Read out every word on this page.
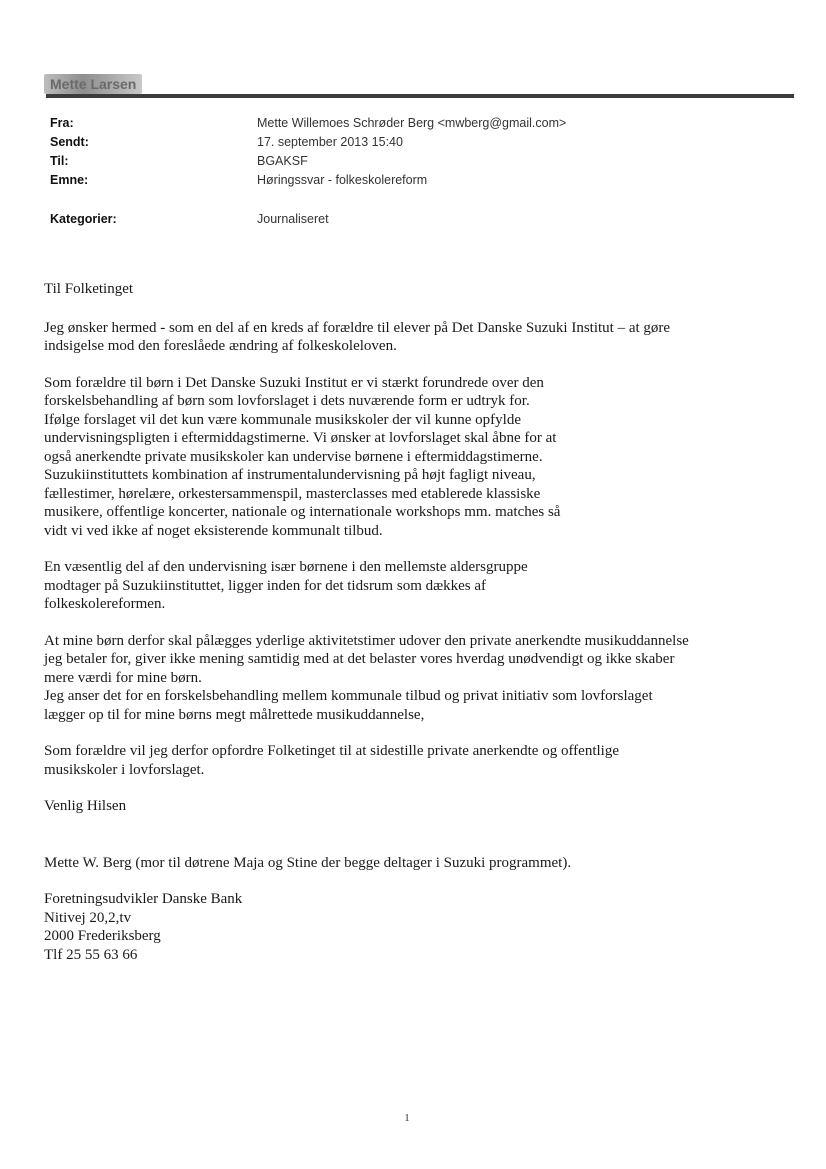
Mette Larsen
Fra:	Mette Willemoes Schrøder Berg <mwberg@gmail.com>
Sendt:	17. september 2013 15:40
Til:	BGAKSF
Emne:	Høringssvar - folkeskolereform
Kategorier:	Journaliseret

Til Folketinget

Jeg ønsker hermed - som en del af en kreds af forældre til elever på Det Danske Suzuki Institut – at gøre
indsigelse mod den foreslåede ændring af folkeskoleloven.

Som forældre til børn i Det Danske Suzuki Institut er vi stærkt forundrede over den
forskelsbehandling af børn som lovforslaget i dets nuværende form er udtryk for.
Ifølge forslaget vil det kun være kommunale musikskoler der vil kunne opfylde
undervisningspligten i eftermiddagstimerne. Vi ønsker at lovforslaget skal åbne for at
også anerkendte private musikskoler kan undervise børnene i eftermiddagstimerne.
Suzukiinstituttets kombination af instrumentalundervisning på højt fagligt niveau,
fællestimer, hørelære, orkestersammenspil, masterclasses med etablerede klassiske
musikere, offentlige koncerter, nationale og internationale workshops mm. matches så
vidt vi ved ikke af noget eksisterende kommunalt tilbud.

En væsentlig del af den undervisning især børnene i den mellemste aldersgruppe
modtager på Suzukiinstituttet, ligger inden for det tidsrum som dækkes af
folkeskolereformen.

At mine børn derfor skal pålægges yderlige aktivitetstimer udover den private anerkendte musikuddannelse
jeg betaler for, giver ikke mening samtidig med at det belaster vores hverdag unødvendigt og ikke skaber
mere værdi for mine børn.
Jeg anser det for en forskelsbehandling mellem kommunale tilbud og privat initiativ som lovforslaget
lægger op til for mine børns megt målrettede musikuddannelse,

Som forældre vil jeg derfor opfordre Folketinget til at sidestille private anerkendte og offentlige
musikskoler i lovforslaget.

Venlig Hilsen

Mette W. Berg (mor til døtrene Maja og Stine der begge deltager i Suzuki programmet).

Foretningsudvikler Danske Bank
Nitivej 20,2,tv
2000 Frederiksberg
Tlf 25 55 63 66

1
